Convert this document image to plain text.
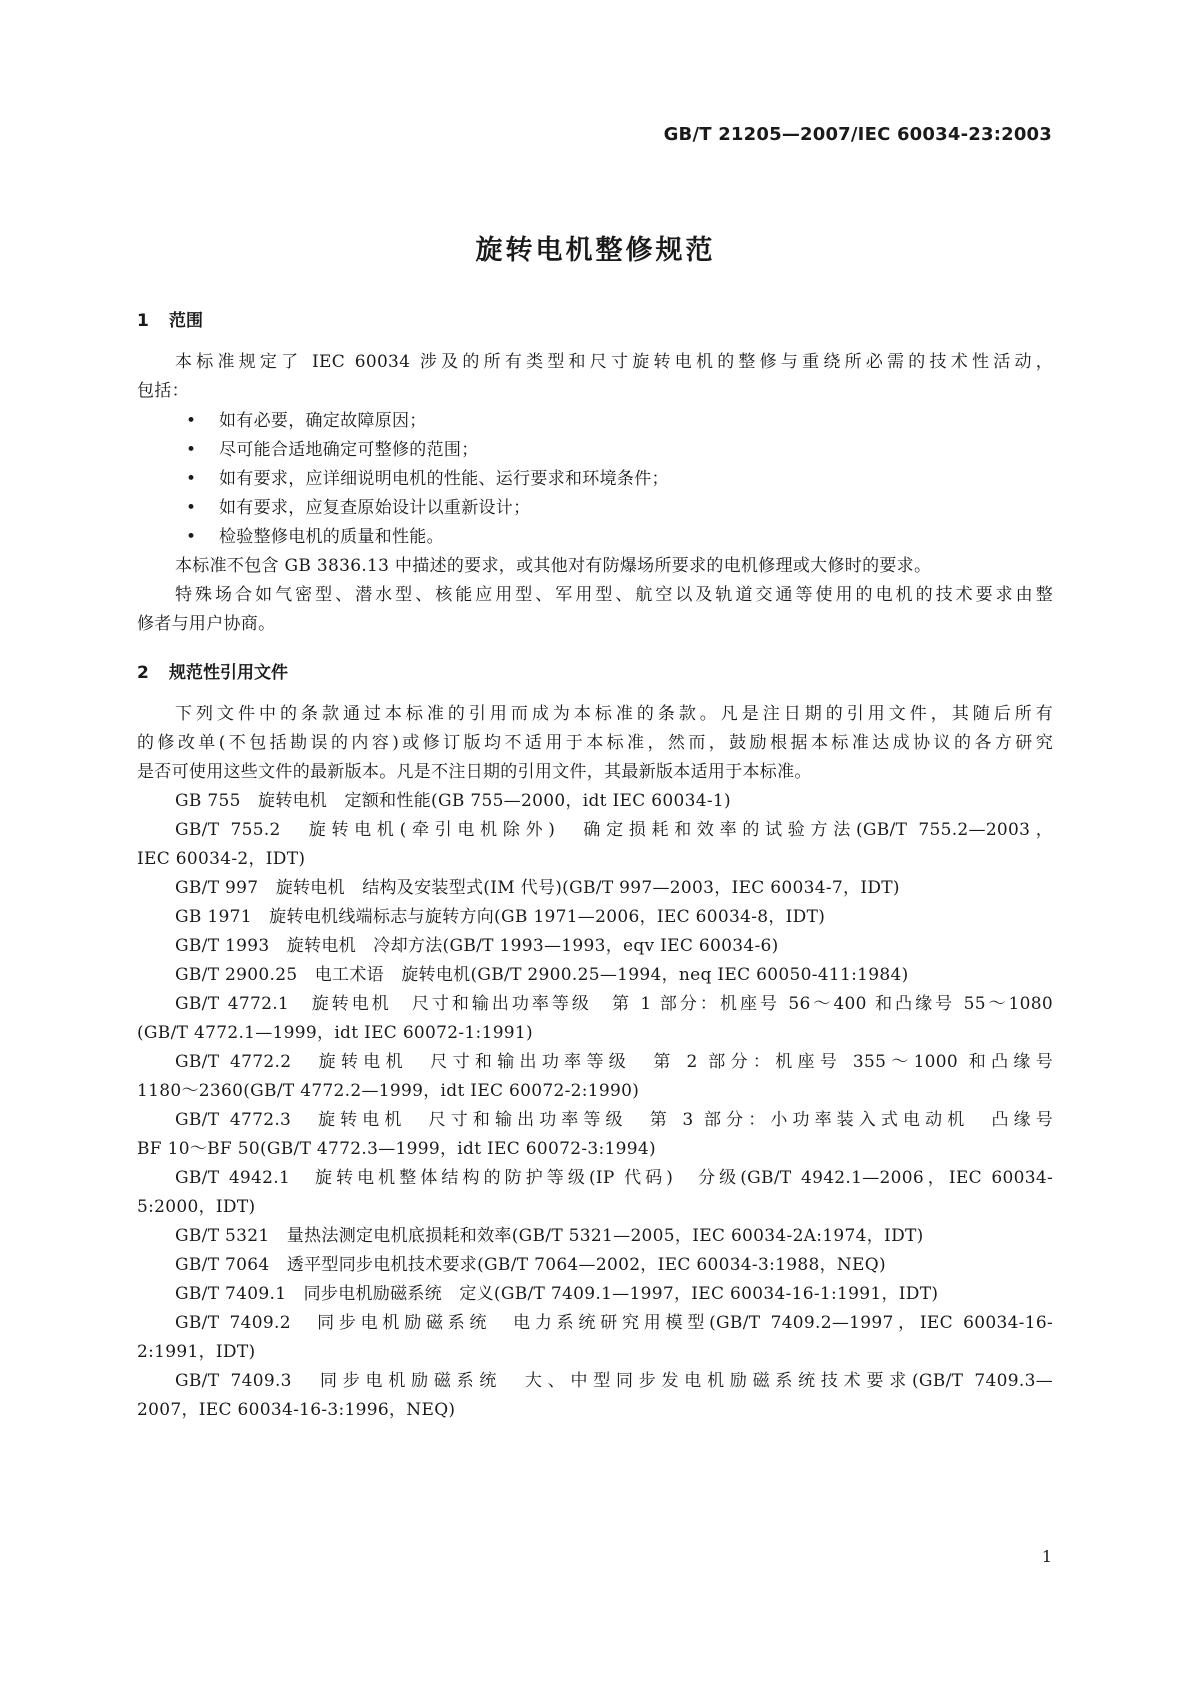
GB/T 21205—2007/IEC 60034-23:2003
旋转电机整修规范
1 范围
本标准规定了 IEC 60034 涉及的所有类型和尺寸旋转电机的整修与重绕所必需的技术性活动，
包括：
• 如有必要，确定故障原因；
• 尽可能合适地确定可整修的范围；
• 如有要求，应详细说明电机的性能、运行要求和环境条件；
• 如有要求，应复查原始设计以重新设计；
• 检验整修电机的质量和性能。
本标准不包含 GB 3836.13 中描述的要求，或其他对有防爆场所要求的电机修理或大修时的要求。
特殊场合如气密型、潜水型、核能应用型、军用型、航空以及轨道交通等使用的电机的技术要求由整
修者与用户协商。
2 规范性引用文件
下列文件中的条款通过本标准的引用而成为本标准的条款。凡是注日期的引用文件，其随后所有
的修改单(不包括勘误的内容)或修订版均不适用于本标准，然而，鼓励根据本标准达成协议的各方研究
是否可使用这些文件的最新版本。凡是不注日期的引用文件，其最新版本适用于本标准。
GB 755　旋转电机　定额和性能(GB 755—2000，idt IEC 60034-1)
GB/T 755.2　旋转电机(牵引电机除外)　确定损耗和效率的试验方法(GB/T 755.2—2003，
IEC 60034-2，IDT)
GB/T 997　旋转电机　结构及安装型式(IM 代号)(GB/T 997—2003，IEC 60034-7，IDT)
GB 1971　旋转电机线端标志与旋转方向(GB 1971—2006，IEC 60034-8，IDT)
GB/T 1993　旋转电机　冷却方法(GB/T 1993—1993，eqv IEC 60034-6)
GB/T 2900.25　电工术语　旋转电机(GB/T 2900.25—1994，neq IEC 60050-411:1984)
GB/T 4772.1　旋转电机　尺寸和输出功率等级　第 1 部分：机座号 56～400 和凸缘号 55～1080
(GB/T 4772.1—1999，idt IEC 60072-1:1991)
GB/T 4772.2　旋转电机　尺寸和输出功率等级　第 2 部分：机座号 355～1000 和凸缘号
1180～2360(GB/T 4772.2—1999，idt IEC 60072-2:1990)
GB/T 4772.3　旋转电机　尺寸和输出功率等级　第 3 部分：小功率装入式电动机　凸缘号
BF 10～BF 50(GB/T 4772.3—1999，idt IEC 60072-3:1994)
GB/T 4942.1　旋转电机整体结构的防护等级(IP 代码)　分级(GB/T 4942.1—2006，IEC 60034-
5:2000，IDT)
GB/T 5321　量热法测定电机底损耗和效率(GB/T 5321—2005，IEC 60034-2A:1974，IDT)
GB/T 7064　透平型同步电机技术要求(GB/T 7064—2002，IEC 60034-3:1988，NEQ)
GB/T 7409.1　同步电机励磁系统　定义(GB/T 7409.1—1997，IEC 60034-16-1:1991，IDT)
GB/T 7409.2　同步电机励磁系统　电力系统研究用模型(GB/T 7409.2—1997，IEC 60034-16-
2:1991，IDT)
GB/T 7409.3　同步电机励磁系统　大、中型同步发电机励磁系统技术要求(GB/T 7409.3—
2007，IEC 60034-16-3:1996，NEQ)
1
